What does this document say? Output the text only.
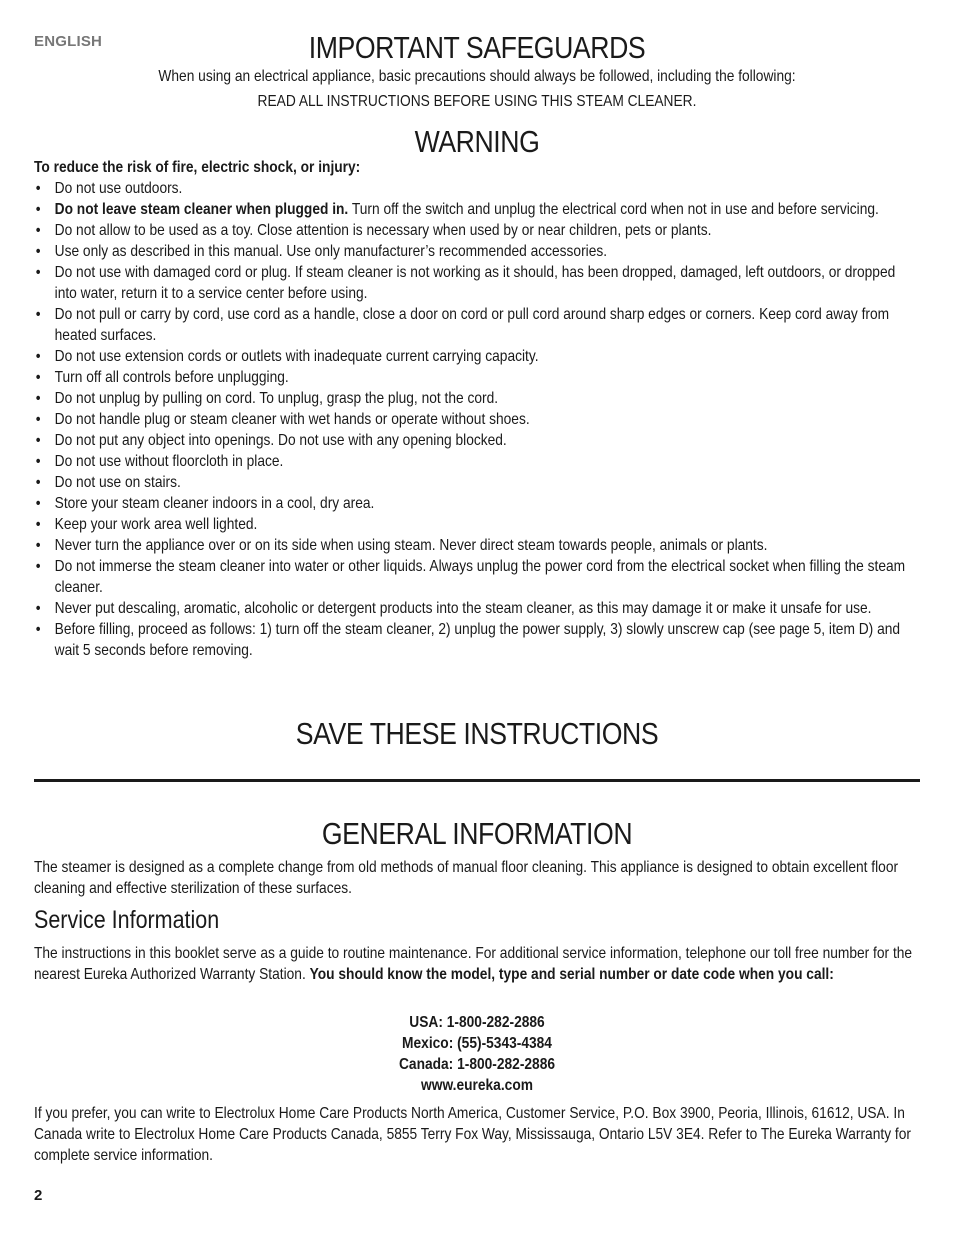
ENGLISH	IMPORTANT SAFEGUARDS
When using an electrical appliance, basic precautions should always be followed, including the following:
READ ALL INSTRUCTIONS BEFORE USING THIS STEAM CLEANER.
WARNING
To reduce the risk of fire, electric shock, or injury:
• Do not use outdoors.
• Do not leave steam cleaner when plugged in. Turn off the switch and unplug the electrical cord when not in use and before servicing.
• Do not allow to be used as a toy. Close attention is necessary when used by or near children, pets or plants.
• Use only as described in this manual. Use only manufacturer’s recommended accessories.
• Do not use with damaged cord or plug. If steam cleaner is not working as it should, has been dropped, damaged, left outdoors, or dropped into water, return it to a service center before using.
• Do not pull or carry by cord, use cord as a handle, close a door on cord or pull cord around sharp edges or corners. Keep cord away from heated surfaces.
• Do not use extension cords or outlets with inadequate current carrying capacity.
• Turn off all controls before unplugging.
• Do not unplug by pulling on cord. To unplug, grasp the plug, not the cord.
• Do not handle plug or steam cleaner with wet hands or operate without shoes.
• Do not put any object into openings. Do not use with any opening blocked.
• Do not use without floorcloth in place.
• Do not use on stairs.
• Store your steam cleaner indoors in a cool, dry area.
• Keep your work area well lighted.
• Never turn the appliance over or on its side when using steam. Never direct steam towards people, animals or plants.
• Do not immerse the steam cleaner into water or other liquids. Always unplug the power cord from the electrical socket when filling the steam cleaner.
• Never put descaling, aromatic, alcoholic or detergent products into the steam cleaner, as this may damage it or make it unsafe for use.
• Before filling, proceed as follows: 1) turn off the steam cleaner, 2) unplug the power supply, 3) slowly unscrew cap (see page 5, item D) and wait 5 seconds before removing.
SAVE THESE INSTRUCTIONS
GENERAL INFORMATION
The steamer is designed as a complete change from old methods of manual floor cleaning. This appliance is designed to obtain excellent floor cleaning and effective sterilization of these surfaces.
Service Information
The instructions in this booklet serve as a guide to routine maintenance. For additional service information, telephone our toll free number for the nearest Eureka Authorized Warranty Station. You should know the model, type and serial number or date code when you call:
USA: 1-800-282-2886
Mexico: (55)-5343-4384
Canada: 1-800-282-2886
www.eureka.com
If you prefer, you can write to Electrolux Home Care Products North America, Customer Service, P.O. Box 3900, Peoria, Illinois, 61612, USA. In Canada write to Electrolux Home Care Products Canada, 5855 Terry Fox Way, Mississauga, Ontario L5V 3E4. Refer to The Eureka Warranty for complete service information.
2
